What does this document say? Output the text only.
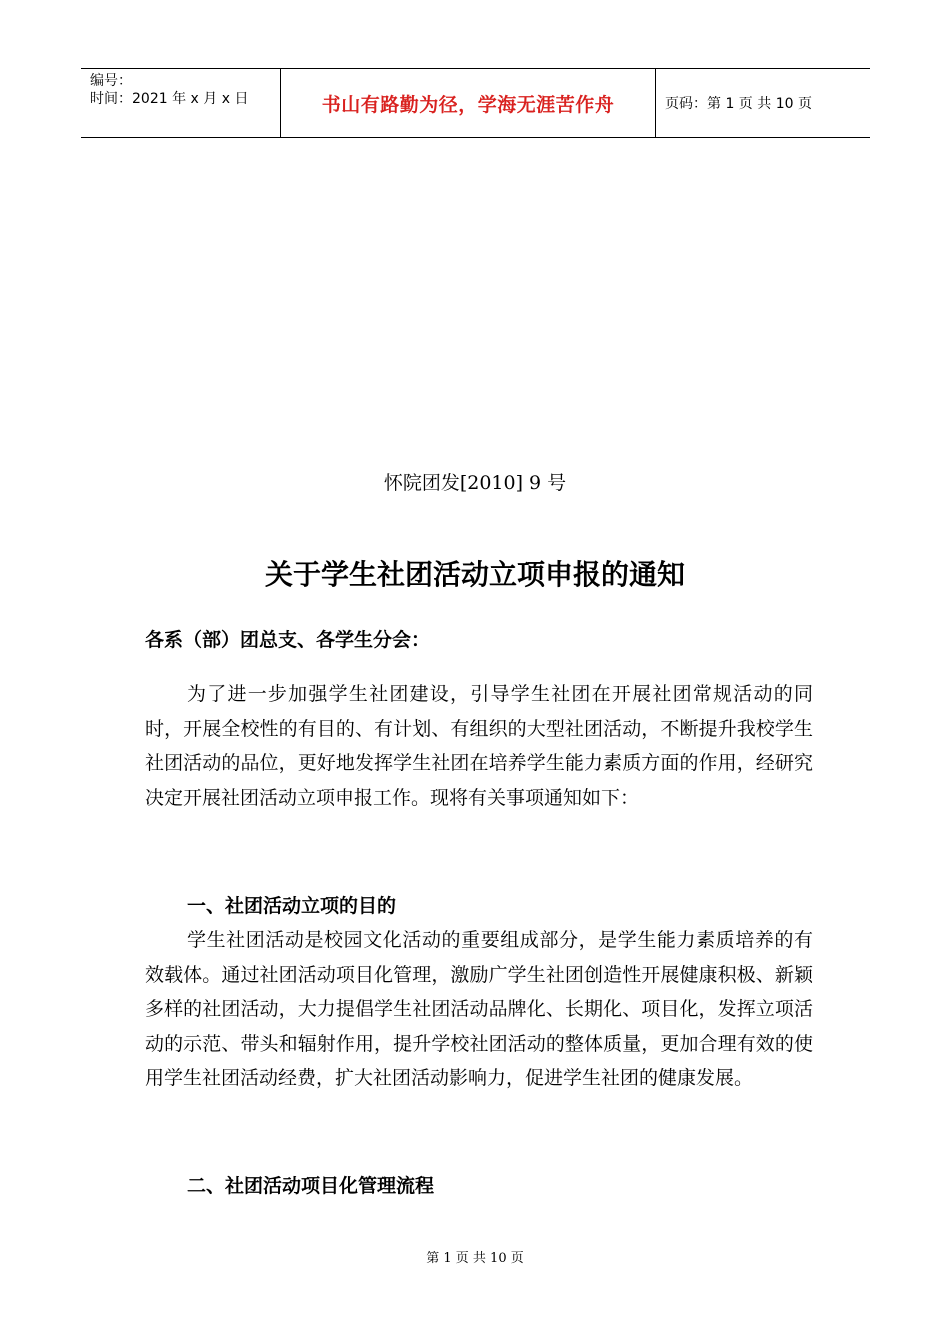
编号：
时间：2021 年 x 月 x 日	书山有路勤为径，学海无涯苦作舟	页码：第 1 页 共 10 页
怀院团发[2010] 9 号
关于学生社团活动立项申报的通知
各系（部）团总支、各学生分会：

为了进一步加强学生社团建设，引导学生社团在开展社团常规活动的同时，开展全校性的有目的、有计划、有组织的大型社团活动，不断提升我校学生社团活动的品位，更好地发挥学生社团在培养学生能力素质方面的作用，经研究决定开展社团活动立项申报工作。现将有关事项通知如下：

一、社团活动立项的目的

学生社团活动是校园文化活动的重要组成部分，是学生能力素质培养的有效载体。通过社团活动项目化管理，激励广学生社团创造性开展健康积极、新颖多样的社团活动，大力提倡学生社团活动品牌化、长期化、项目化，发挥立项活动的示范、带头和辐射作用，提升学校社团活动的整体质量，更加合理有效的使用学生社团活动经费，扩大社团活动影响力，促进学生社团的健康发展。

二、社团活动项目化管理流程
第 1 页 共 10 页
